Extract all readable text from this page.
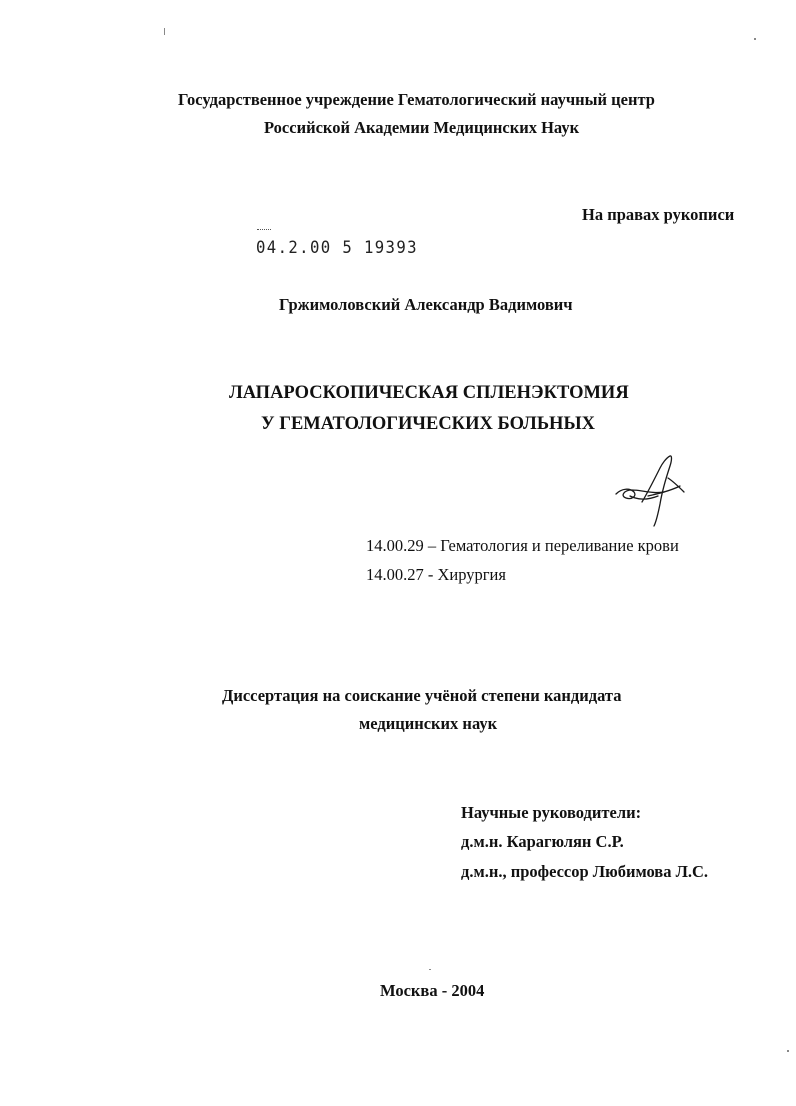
Государственное учреждение Гематологический научный центр
Российской Академии Медицинских Наук
На правах рукописи
04.2.00 5 19393
Гржимоловский Александр Вадимович
ЛАПАРОСКОПИЧЕСКАЯ СПЛЕНЭКТОМИЯ
У ГЕМАТОЛОГИЧЕСКИХ БОЛЬНЫХ
14.00.29 – Гематология и переливание крови
14.00.27 - Хирургия
Диссертация на соискание учёной степени кандидата
медицинских наук
Научные руководители:
д.м.н. Карагюлян С.Р.
д.м.н., профессор Любимова Л.С.
Москва - 2004
